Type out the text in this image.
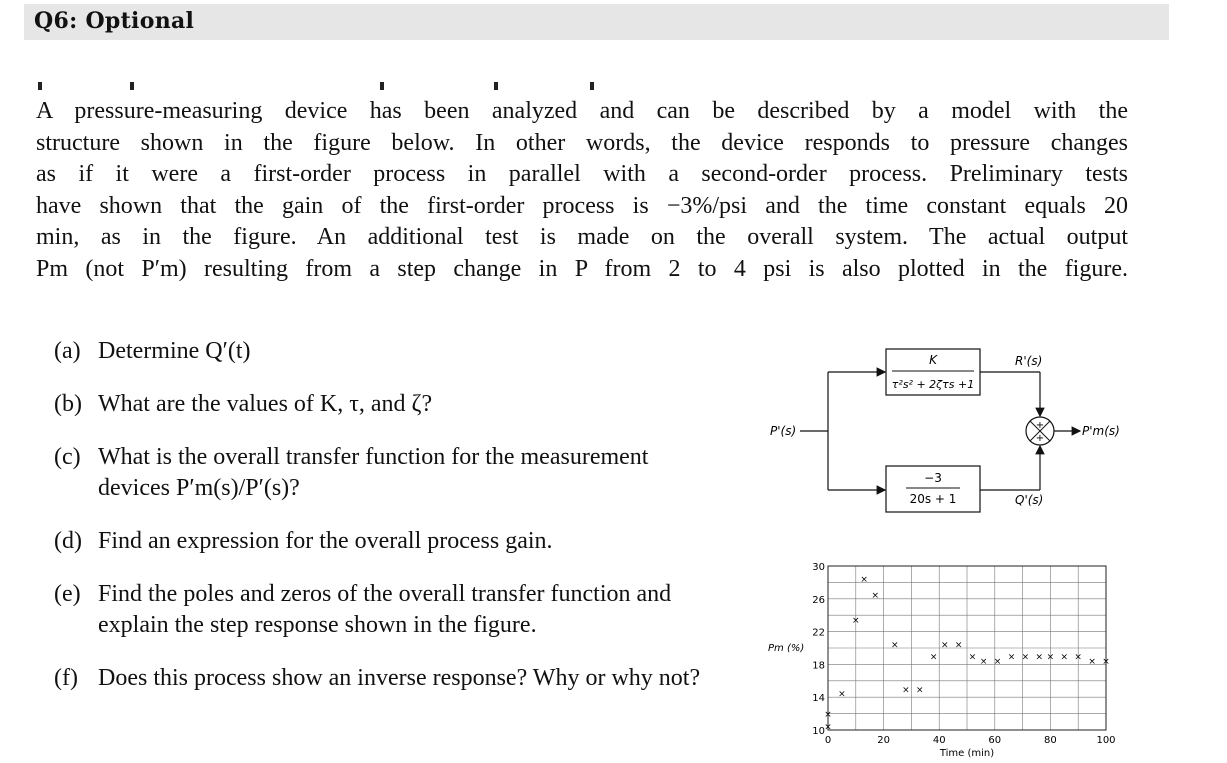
Q6: Optional
A pressure-measuring device has been analyzed and can be described by a model with the
structure shown in the figure below. In other words, the device responds to pressure changes
as if it were a first-order process in parallel with a second-order process. Preliminary tests
have shown that the gain of the first-order process is −3%/psi and the time constant equals 20
min, as in the figure. An additional test is made on the overall system. The actual output
Pm (not P′m) resulting from a step change in P from 2 to 4 psi is also plotted in the figure.
(a) Determine Q′(t)
(b) What are the values of K, τ, and ζ?
(c) What is the overall transfer function for the measurement
devices P′m(s)/P′(s)?
(d) Find an expression for the overall process gain.
(e) Find the poles and zeros of the overall transfer function and
explain the step response shown in the figure.
(f) Does this process show an inverse response? Why or why not?
P'(s)
K
τ²s² + 2ζτs +1
−3
20s + 1
R'(s)
Q'(s)
+
+
P'm(s)
0	20	40	60	80	100
10
14
18
22
26
30
×
×
×
×
×
×
×
× ×
×
× ×
× × × × × × × × × × ×
Pm (%)
Time (min)
